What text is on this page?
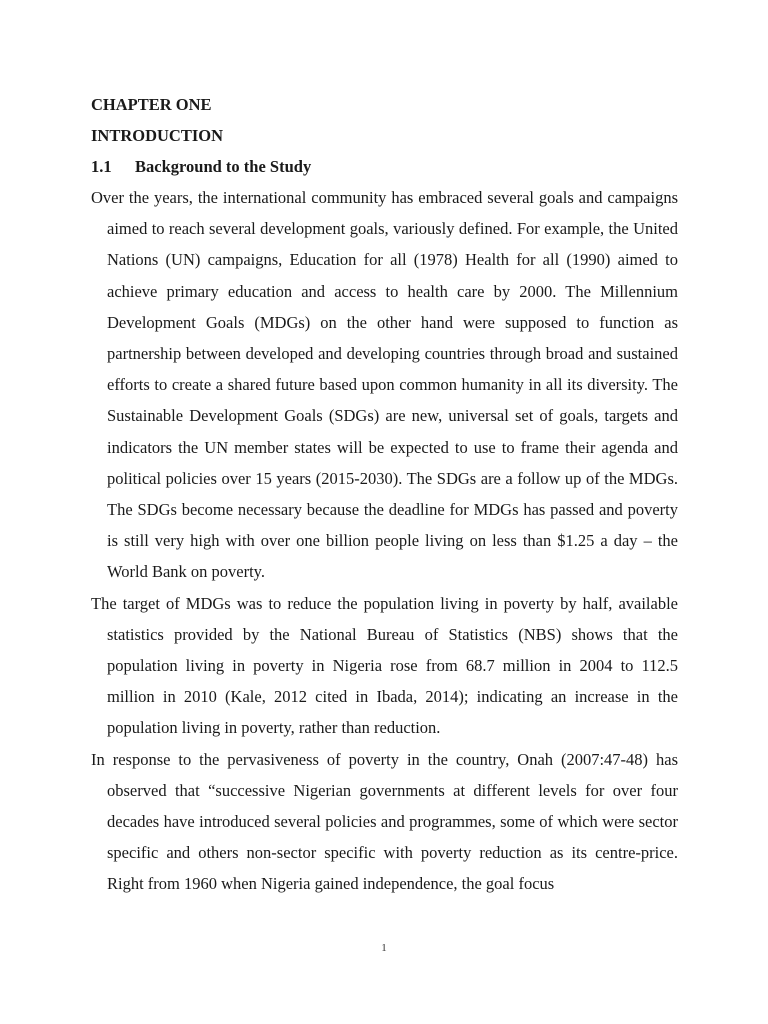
CHAPTER ONE

INTRODUCTION

1.1	Background to the Study

Over the years, the international community has embraced several goals and campaigns aimed to reach several development goals, variously defined. For example, the United Nations (UN) campaigns, Education for all (1978) Health for all (1990) aimed to achieve primary education and access to health care by 2000. The Millennium Development Goals (MDGs) on the other hand were supposed to function as partnership between developed and developing countries through broad and sustained efforts to create a shared future based upon common humanity in all its diversity. The Sustainable Development Goals (SDGs) are new, universal set of goals, targets and indicators the UN member states will be expected to use to frame their agenda and political policies over 15 years (2015-2030). The SDGs are a follow up of the MDGs. The SDGs become necessary because the deadline for MDGs has passed and poverty is still very high with over one billion people living on less than $1.25 a day – the World Bank on poverty.

The target of MDGs was to reduce the population living in poverty by half, available statistics provided by the National Bureau of Statistics (NBS) shows that the population living in poverty in Nigeria rose from 68.7 million in 2004 to 112.5 million in 2010 (Kale, 2012 cited in Ibada, 2014); indicating an increase in the population living in poverty, rather than reduction.

In response to the pervasiveness of poverty in the country, Onah (2007:47-48) has observed that “successive Nigerian governments at different levels for over four decades have introduced several policies and programmes, some of which were sector specific and others non-sector specific with poverty reduction as its centre-price. Right from 1960 when Nigeria gained independence, the goal focus

1
